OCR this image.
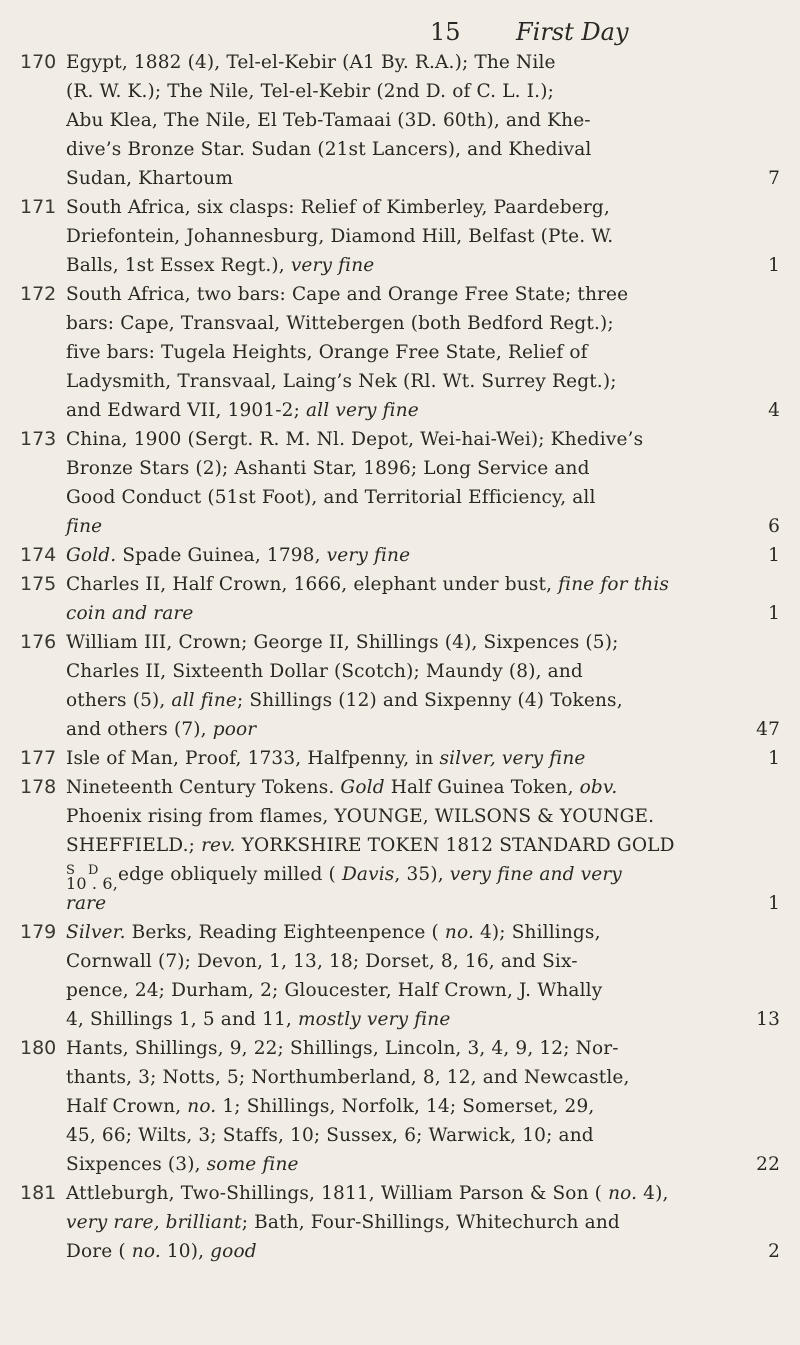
15 First Day
170 Egypt, 1882 (4), Tel-el-Kebir (A1 By. R.A.); The Nile
(R. W. K.); The Nile, Tel-el-Kebir (2nd D. of C. L. I.);
Abu Klea, The Nile, El Teb-Tamaai (3D. 60th), and Khe-
dive’s Bronze Star. Sudan (21st Lancers), and Khedival
Sudan, Khartoum	7
171 South Africa, six clasps: Relief of Kimberley, Paardeberg,
Driefontein, Johannesburg, Diamond Hill, Belfast (Pte. W.
Balls, 1st Essex Regt.), very fine	1
172 South Africa, two bars: Cape and Orange Free State; three
bars: Cape, Transvaal, Wittebergen (both Bedford Regt.);
five bars: Tugela Heights, Orange Free State, Relief of
Ladysmith, Transvaal, Laing’s Nek (Rl. Wt. Surrey Regt.);
and Edward VII, 1901-2; all very fine	4
173 China, 1900 (Sergt. R. M. Nl. Depot, Wei-hai-Wei); Khedive’s
Bronze Stars (2); Ashanti Star, 1896; Long Service and
Good Conduct (51st Foot), and Territorial Efficiency, all
fine	6
174 Gold. Spade Guinea, 1798, very fine	1
175 Charles II, Half Crown, 1666, elephant under bust, fine for this
coin and rare	1
176 William III, Crown; George II, Shillings (4), Sixpences (5);
Charles II, Sixteenth Dollar (Scotch); Maundy (8), and
others (5), all fine; Shillings (12) and Sixpenny (4) Tokens,
and others (7), poor	47
177 Isle of Man, Proof, 1733, Halfpenny, in silver, very fine	1
178 Nineteenth Century Tokens. Gold Half Guinea Token, obv.
Phoenix rising from flames, YOUNGE, WILSONS & YOUNGE.
SHEFFIELD.; rev. YORKSHIRE TOKEN 1812 STANDARD GOLD
S D
10 . 6,
edge obliquely milled ( Davis, 35), very fine and very
rare	1
179 Silver. Berks, Reading Eighteenpence ( no. 4); Shillings,
Cornwall (7); Devon, 1, 13, 18; Dorset, 8, 16, and Six-
pence, 24; Durham, 2; Gloucester, Half Crown, J. Whally
4, Shillings 1, 5 and 11, mostly very fine	13
180 Hants, Shillings, 9, 22; Shillings, Lincoln, 3, 4, 9, 12; Nor-
thants, 3; Notts, 5; Northumberland, 8, 12, and Newcastle,
Half Crown, no. 1; Shillings, Norfolk, 14; Somerset, 29,
45, 66; Wilts, 3; Staffs, 10; Sussex, 6; Warwick, 10; and
Sixpences (3), some fine	22
181 Attleburgh, Two-Shillings, 1811, William Parson & Son ( no. 4),
very rare, brilliant; Bath, Four-Shillings, Whitechurch and
Dore ( no. 10), good	2
